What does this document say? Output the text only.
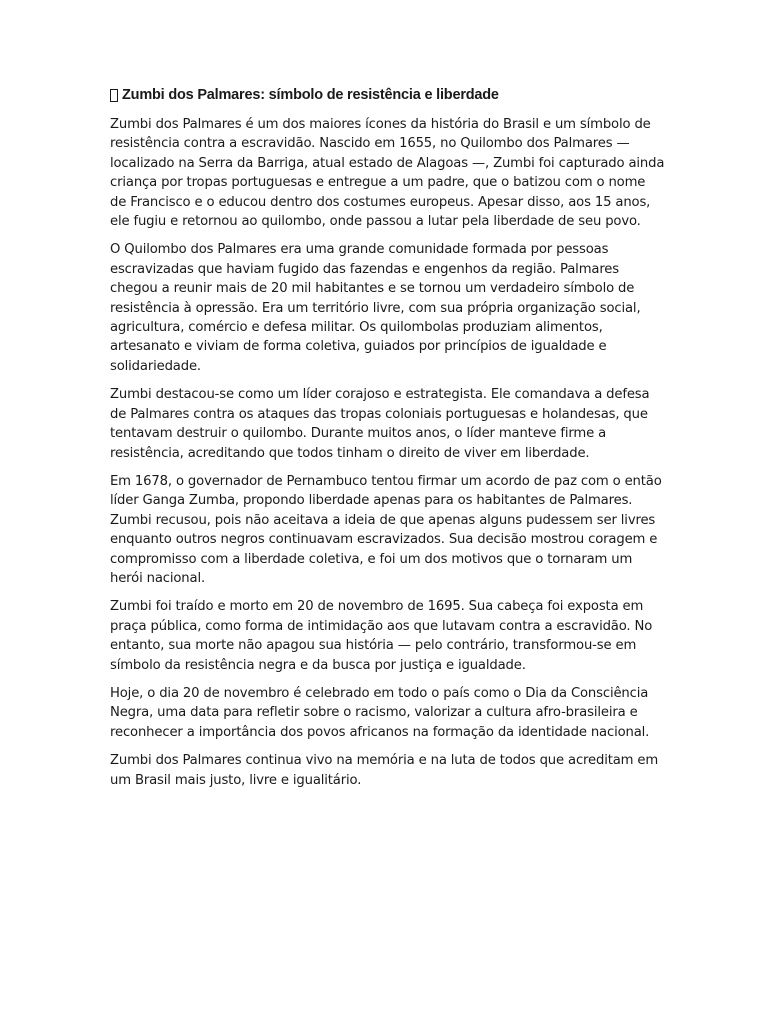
Zumbi dos Palmares: símbolo de resistência e liberdade

Zumbi dos Palmares é um dos maiores ícones da história do Brasil e um símbolo de resistência contra a escravidão. Nascido em 1655, no Quilombo dos Palmares — localizado na Serra da Barriga, atual estado de Alagoas —, Zumbi foi capturado ainda criança por tropas portuguesas e entregue a um padre, que o batizou com o nome de Francisco e o educou dentro dos costumes europeus. Apesar disso, aos 15 anos, ele fugiu e retornou ao quilombo, onde passou a lutar pela liberdade de seu povo.

O Quilombo dos Palmares era uma grande comunidade formada por pessoas escravizadas que haviam fugido das fazendas e engenhos da região. Palmares chegou a reunir mais de 20 mil habitantes e se tornou um verdadeiro símbolo de resistência à opressão. Era um território livre, com sua própria organização social, agricultura, comércio e defesa militar. Os quilombolas produziam alimentos, artesanato e viviam de forma coletiva, guiados por princípios de igualdade e solidariedade.

Zumbi destacou-se como um líder corajoso e estrategista. Ele comandava a defesa de Palmares contra os ataques das tropas coloniais portuguesas e holandesas, que tentavam destruir o quilombo. Durante muitos anos, o líder manteve firme a resistência, acreditando que todos tinham o direito de viver em liberdade.

Em 1678, o governador de Pernambuco tentou firmar um acordo de paz com o então líder Ganga Zumba, propondo liberdade apenas para os habitantes de Palmares. Zumbi recusou, pois não aceitava a ideia de que apenas alguns pudessem ser livres enquanto outros negros continuavam escravizados. Sua decisão mostrou coragem e compromisso com a liberdade coletiva, e foi um dos motivos que o tornaram um herói nacional.

Zumbi foi traído e morto em 20 de novembro de 1695. Sua cabeça foi exposta em praça pública, como forma de intimidação aos que lutavam contra a escravidão. No entanto, sua morte não apagou sua história — pelo contrário, transformou-se em símbolo da resistência negra e da busca por justiça e igualdade.

Hoje, o dia 20 de novembro é celebrado em todo o país como o Dia da Consciência Negra, uma data para refletir sobre o racismo, valorizar a cultura afro-brasileira e reconhecer a importância dos povos africanos na formação da identidade nacional.

Zumbi dos Palmares continua vivo na memória e na luta de todos que acreditam em um Brasil mais justo, livre e igualitário.
